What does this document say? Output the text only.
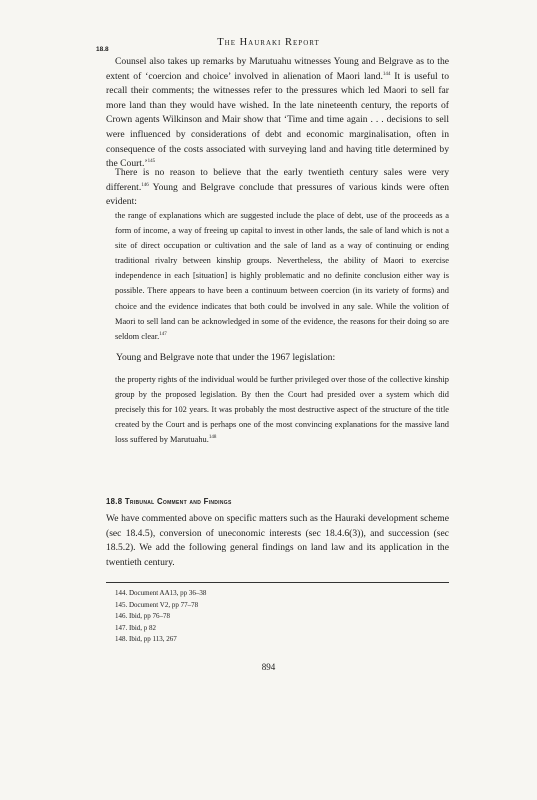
The Hauraki Report
18.8

Counsel also takes up remarks by Marutuahu witnesses Young and Belgrave as to the extent of ‘coercion and choice’ involved in alienation of Maori land.$^{144}$ It is useful to recall their comments; the witnesses refer to the pressures which led Maori to sell far more land than they would have wished. In the late nineteenth century, the reports of Crown agents Wilkinson and Mair show that ‘Time and time again . . . decisions to sell were influenced by considerations of debt and economic marginalisation, often in consequence of the costs associated with surveying land and having title determined by the Court.’$^{145}$

There is no reason to believe that the early twentieth century sales were very different.$^{146}$ Young and Belgrave conclude that pressures of various kinds were often evident:

the range of explanations which are suggested include the place of debt, use of the proceeds as a form of income, a way of freeing up capital to invest in other lands, the sale of land which is not a site of direct occupation or cultivation and the sale of land as a way of continuing or ending traditional rivalry between kinship groups. Nevertheless, the ability of Maori to exercise independence in each [situation] is highly problematic and no definite conclusion either way is possible. There appears to have been a continuum between coercion (in its variety of forms) and choice and the evidence indicates that both could be involved in any sale. While the volition of Maori to sell land can be acknowledged in some of the evidence, the reasons for their doing so are seldom clear.$^{147}$

Young and Belgrave note that under the 1967 legislation:

the property rights of the individual would be further privileged over those of the collective kinship group by the proposed legislation. By then the Court had presided over a system which did precisely this for 102 years. It was probably the most destructive aspect of the structure of the title created by the Court and is perhaps one of the most convincing explanations for the massive land loss suffered by Marutuahu.$^{148}$

18.8 Tribunal Comment and Findings

We have commented above on specific matters such as the Hauraki development scheme (sec 18.4.5), conversion of uneconomic interests (sec 18.4.6(3)), and succession (sec 18.5.2). We add the following general findings on land law and its application in the twentieth century.

144. Document AA13, pp 36–38
145. Document V2, pp 77–78
146. Ibid, pp 76–78
147. Ibid, p 82
148. Ibid, pp 113, 267
894
